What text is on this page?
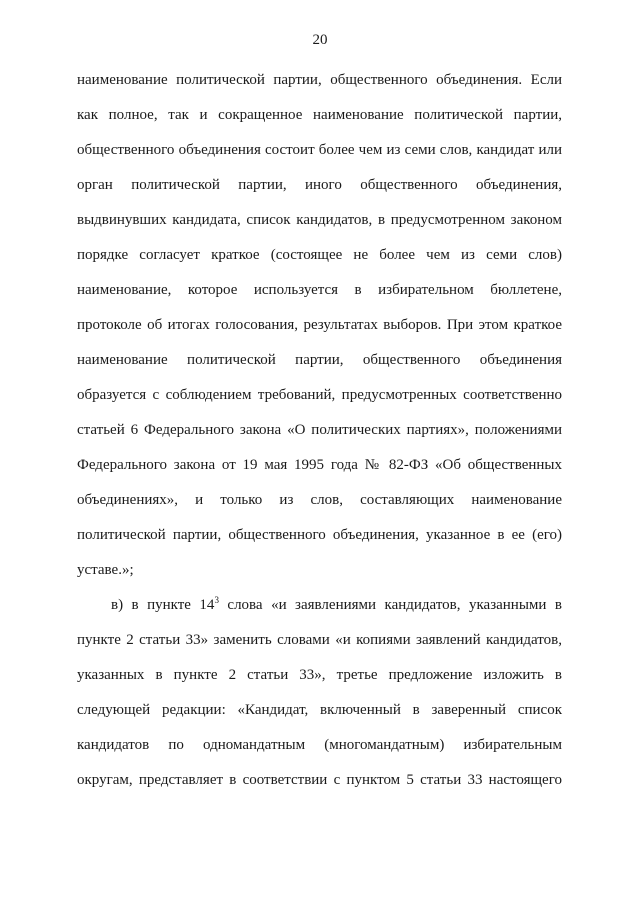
20
наименование политической партии, общественного объединения. Если
как полное, так и сокращенное наименование политической партии,
общественного объединения состоит более чем из семи слов, кандидат или
орган политической партии, иного общественного объединения,
выдвинувших кандидата, список кандидатов, в предусмотренном законом
порядке согласует краткое (состоящее не более чем из семи слов)
наименование, которое используется в избирательном бюллетене,
протоколе об итогах голосования, результатах выборов. При этом краткое
наименование политической партии, общественного объединения
образуется с соблюдением требований, предусмотренных соответственно
статьей 6 Федерального закона «О политических партиях», положениями
Федерального закона от 19 мая 1995 года № 82-ФЗ «Об общественных
объединениях», и только из слов, составляющих наименование
политической партии, общественного объединения, указанное в ее (его)
уставе.»;
в) в пункте $14^3$ слова «и заявлениями кандидатов, указанными в
пункте 2 статьи 33» заменить словами «и копиями заявлений кандидатов,
указанных в пункте 2 статьи 33», третье предложение изложить в
следующей редакции: «Кандидат, включенный в заверенный список
кандидатов по одномандатным (многомандатным) избирательным
округам, представляет в соответствии с пунктом 5 статьи 33 настоящего
